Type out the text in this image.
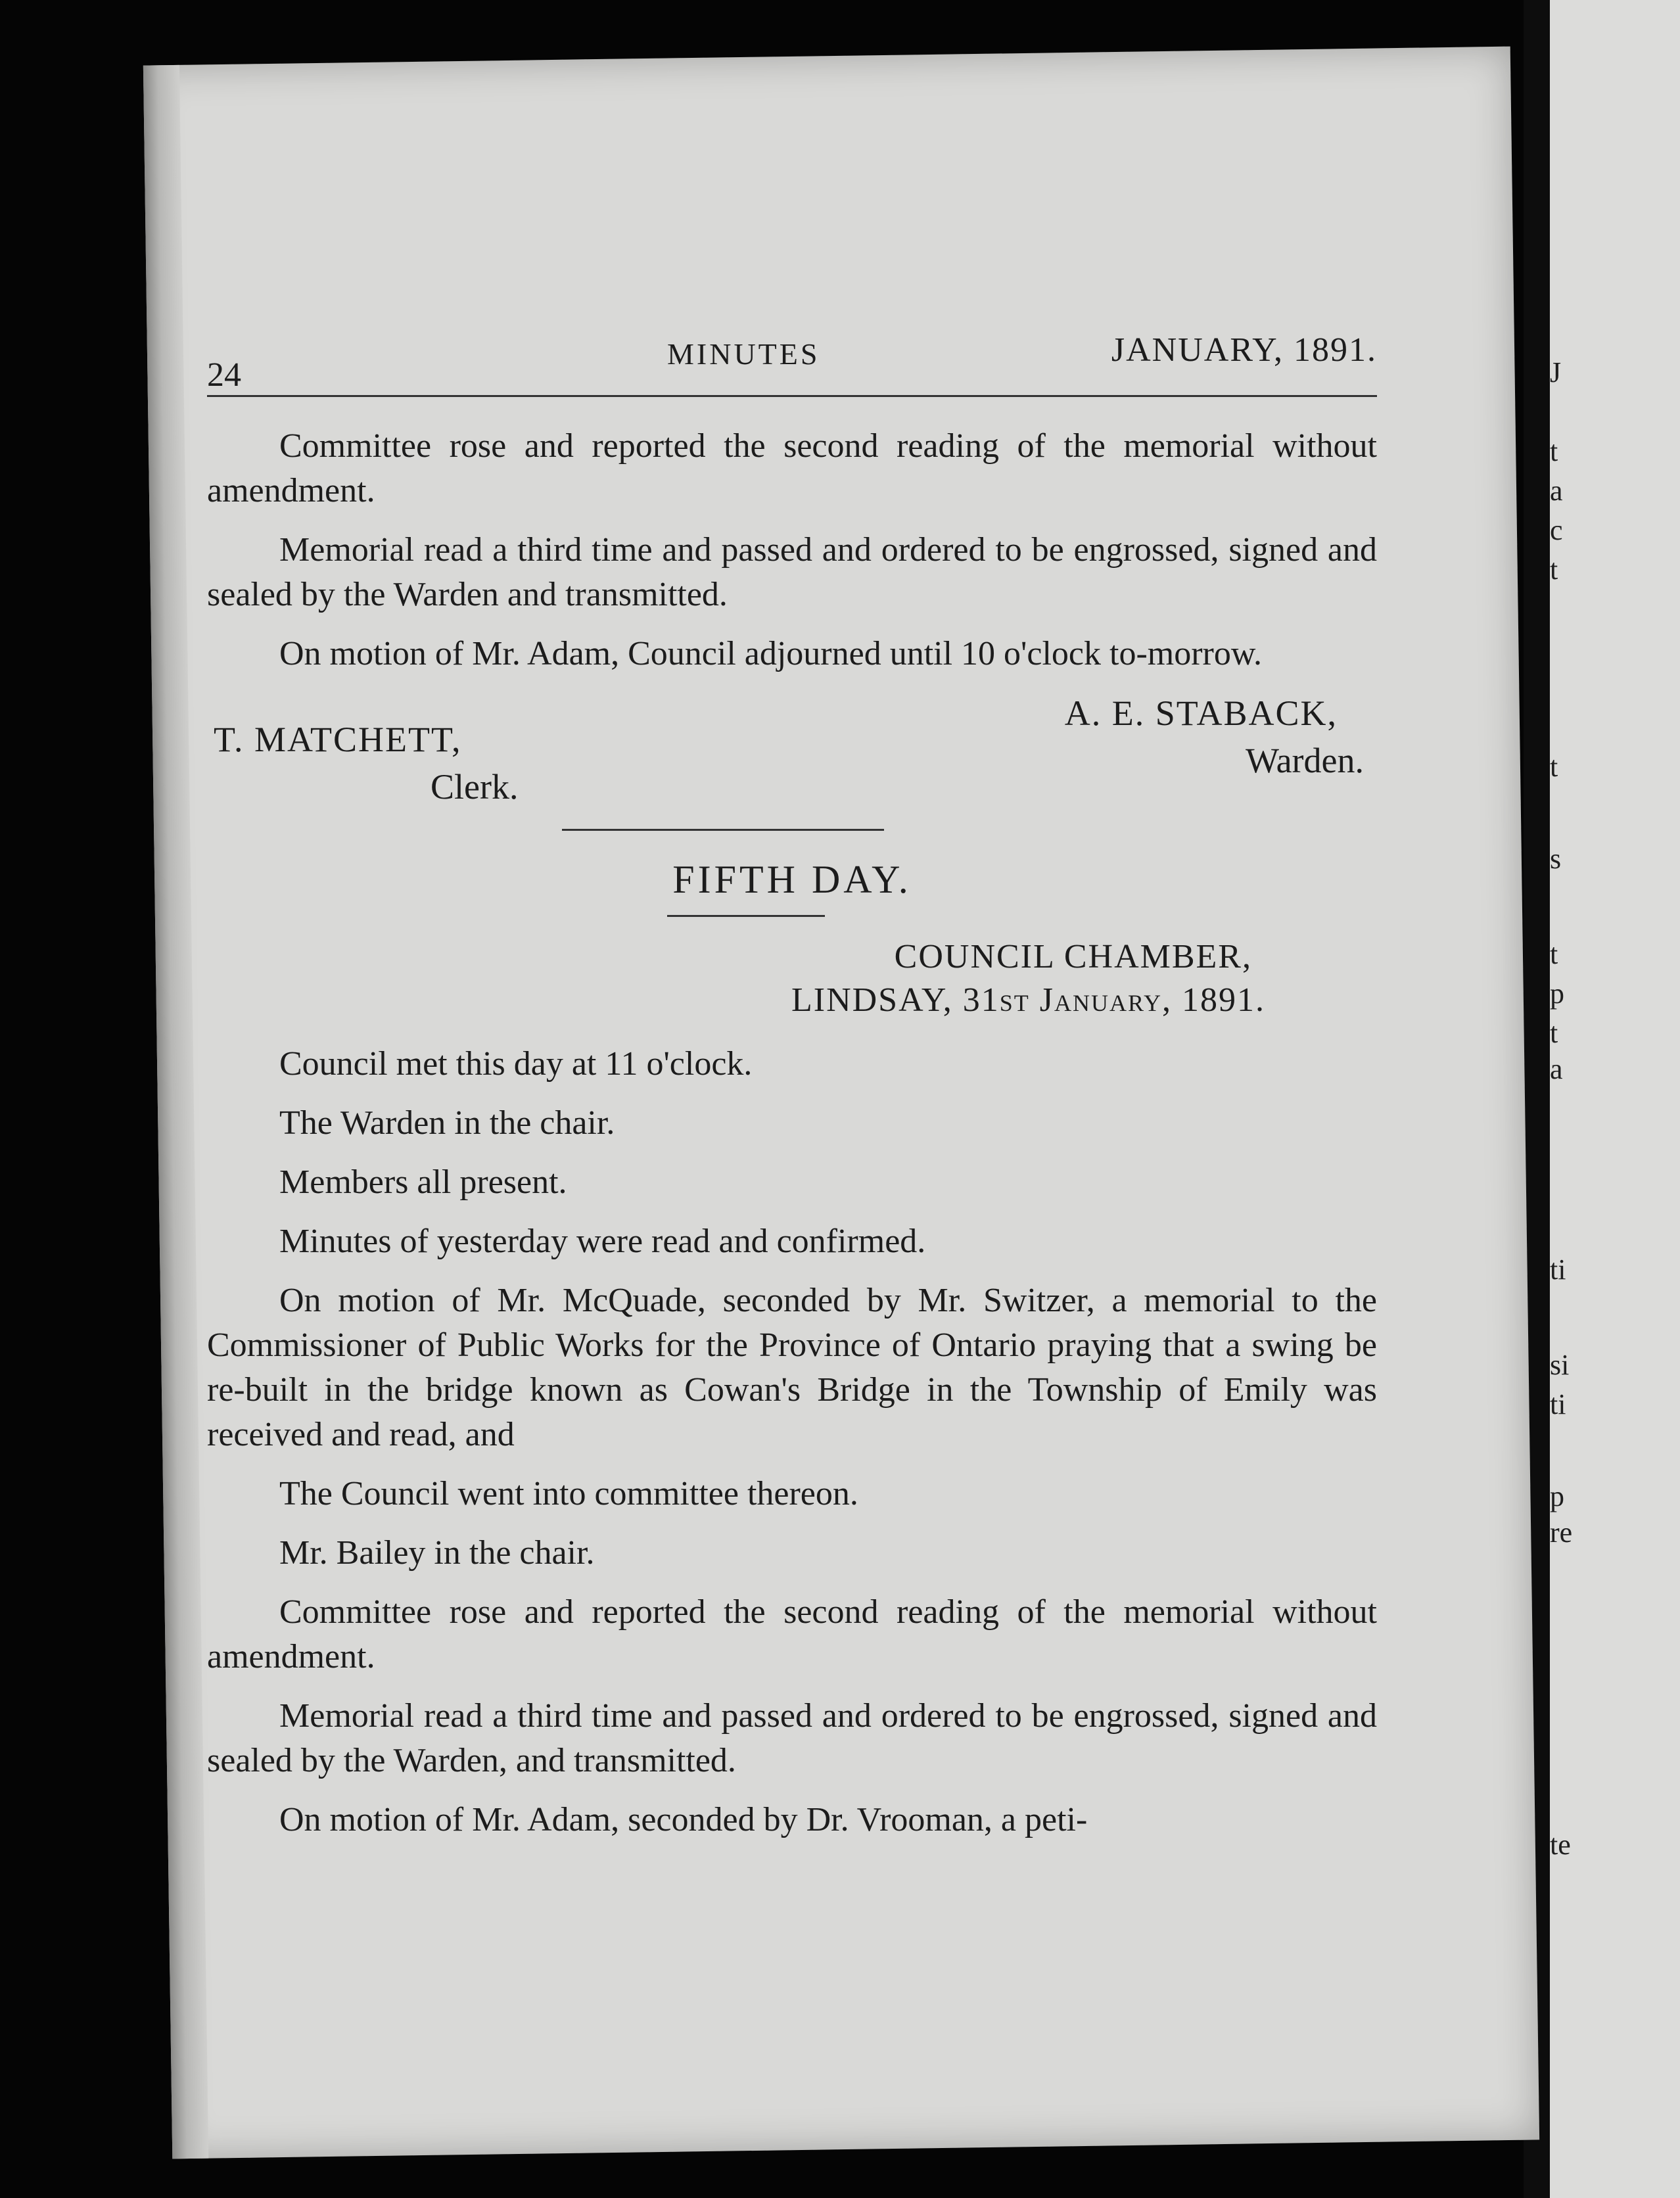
J
t
a
c
t
t
s
t
p
t
a
ti
si
ti
p
re
te
24
MINUTES	JANUARY, 1891.

Committee rose and reported the second reading of the memorial without amendment.

Memorial read a third time and passed and ordered to be engrossed, signed and sealed by the Warden and transmitted.

On motion of Mr. Adam, Council adjourned until 10 o'clock to-morrow.

T. MATCHETT,
Clerk.
A. E. STABACK,
Warden.
FIFTH DAY.
COUNCIL CHAMBER,
LINDSAY, 31st January, 1891.

Council met this day at 11 o'clock.

The Warden in the chair.

Members all present.

Minutes of yesterday were read and confirmed.

On motion of Mr. McQuade, seconded by Mr. Switzer, a memorial to the Commissioner of Public Works for the Province of Ontario praying that a swing be re-built in the bridge known as Cowan's Bridge in the Township of Emily was received and read, and

The Council went into committee thereon.

Mr. Bailey in the chair.

Committee rose and reported the second reading of the memorial without amendment.

Memorial read a third time and passed and ordered to be engrossed, signed and sealed by the Warden, and transmitted.

On motion of Mr. Adam, seconded by Dr. Vrooman, a peti-
